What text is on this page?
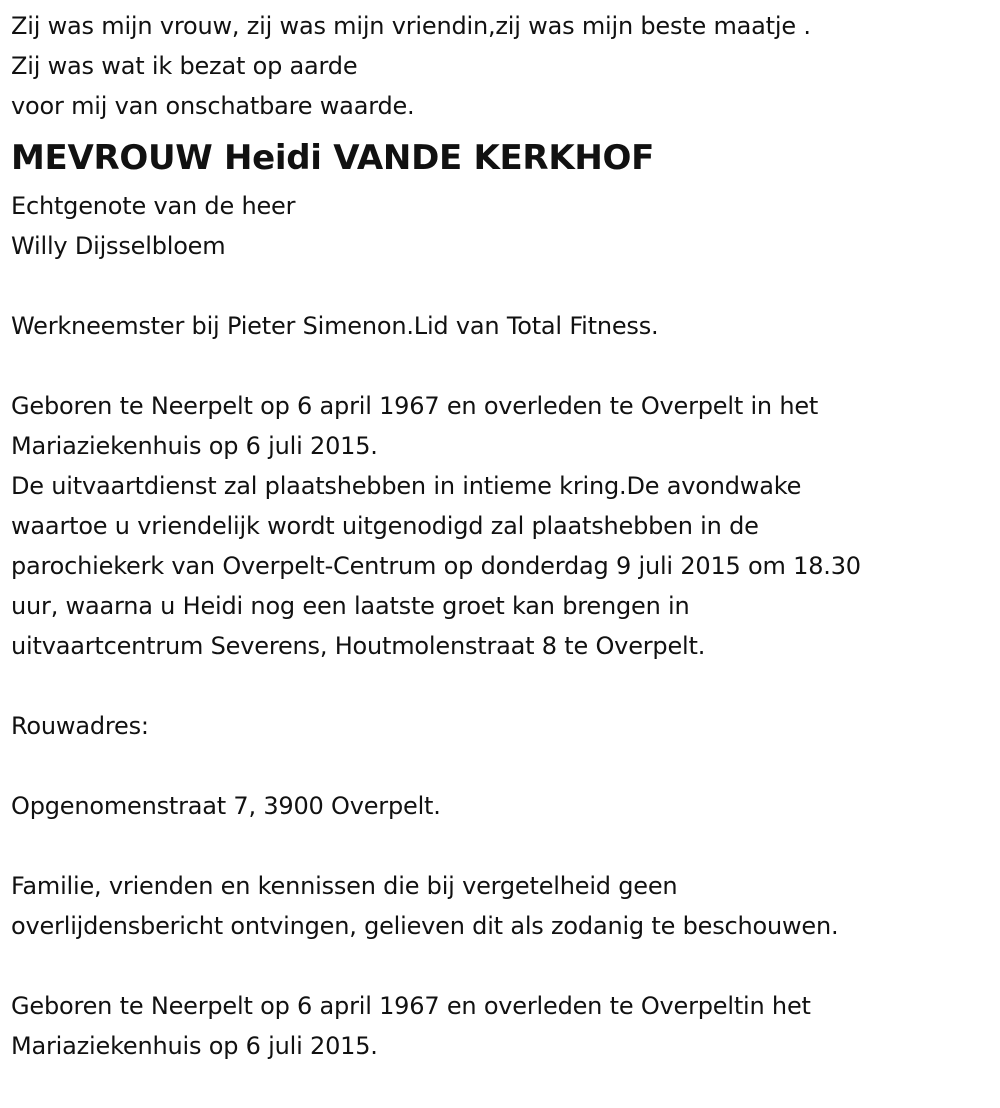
Zij was mijn vrouw, zij was mijn vriendin,zij was mijn beste maatje .
Zij was wat ik bezat op aarde
voor mij van onschatbare waarde.
MEVROUW Heidi VANDE KERKHOF
Echtgenote van de heer
Willy Dijsselbloem
Werkneemster bij Pieter Simenon.Lid van Total Fitness.
Geboren te Neerpelt op 6 april 1967 en overleden te Overpelt in het
Mariaziekenhuis op 6 juli 2015.
De uitvaartdienst zal plaatshebben in intieme kring.De avondwake
waartoe u vriendelijk wordt uitgenodigd zal plaatshebben in de
parochiekerk van Overpelt-Centrum op donderdag 9 juli 2015 om 18.30
uur, waarna u Heidi nog een laatste groet kan brengen in
uitvaartcentrum Severens, Houtmolenstraat 8 te Overpelt.
Rouwadres:
Opgenomenstraat 7, 3900 Overpelt.
Familie, vrienden en kennissen die bij vergetelheid geen
overlijdensbericht ontvingen, gelieven dit als zodanig te beschouwen.
Geboren te Neerpelt op 6 april 1967 en overleden te Overpeltin het
Mariaziekenhuis op 6 juli 2015.
